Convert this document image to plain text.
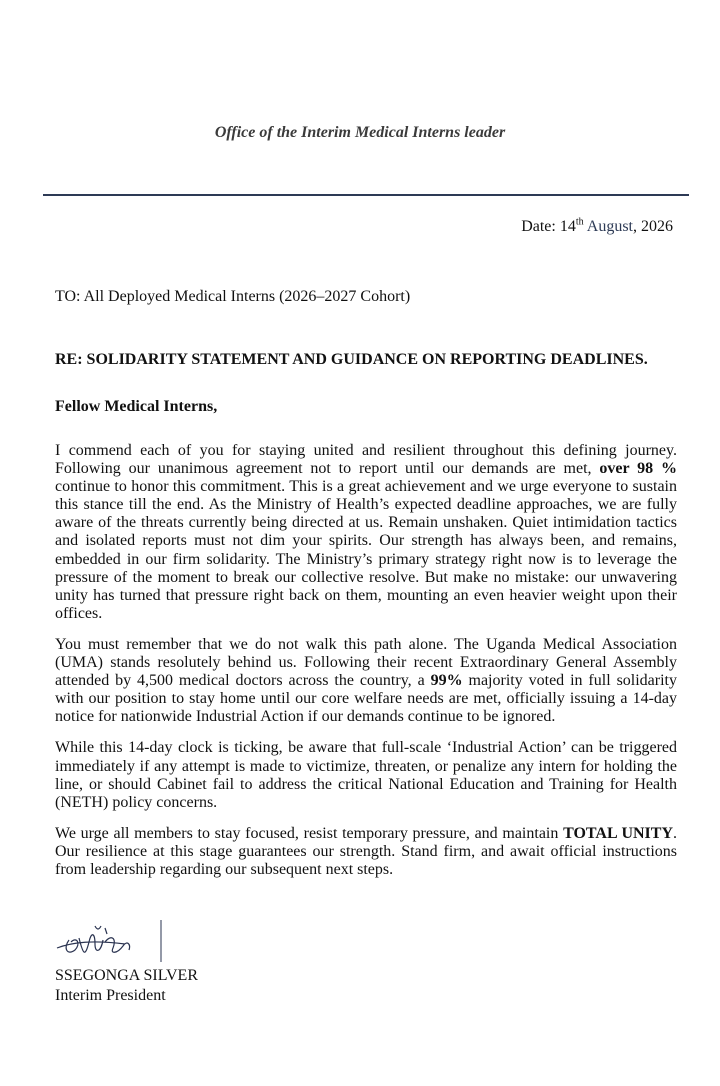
Office of the Interim Medical Interns leader
Date: 14th August, 2026
TO: All Deployed Medical Interns (2026–2027 Cohort)
RE: SOLIDARITY STATEMENT AND GUIDANCE ON REPORTING DEADLINES.
Fellow Medical Interns,

I commend each of you for staying united and resilient throughout this defining journey. Following our unanimous agreement not to report until our demands are met, over 98 % continue to honor this commitment. This is a great achievement and we urge everyone to sustain this stance till the end. As the Ministry of Health’s expected deadline approaches, we are fully aware of the threats currently being directed at us. Remain unshaken. Quiet intimidation tactics and isolated reports must not dim your spirits. Our strength has always been, and remains, embedded in our firm solidarity. The Ministry’s primary strategy right now is to leverage the pressure of the moment to break our collective resolve. But make no mistake: our unwavering unity has turned that pressure right back on them, mounting an even heavier weight upon their offices.

You must remember that we do not walk this path alone. The Uganda Medical Association (UMA) stands resolutely behind us. Following their recent Extraordinary General Assembly attended by 4,500 medical doctors across the country, a 99% majority voted in full solidarity with our position to stay home until our core welfare needs are met, officially issuing a 14-day notice for nationwide Industrial Action if our demands continue to be ignored.

While this 14-day clock is ticking, be aware that full-scale ‘Industrial Action’ can be triggered immediately if any attempt is made to victimize, threaten, or penalize any intern for holding the line, or should Cabinet fail to address the critical National Education and Training for Health (NETH) policy concerns.

We urge all members to stay focused, resist temporary pressure, and maintain TOTAL UNITY. Our resilience at this stage guarantees our strength. Stand firm, and await official instructions from leadership regarding our subsequent next steps.

SSEGONGA SILVER
Interim President
